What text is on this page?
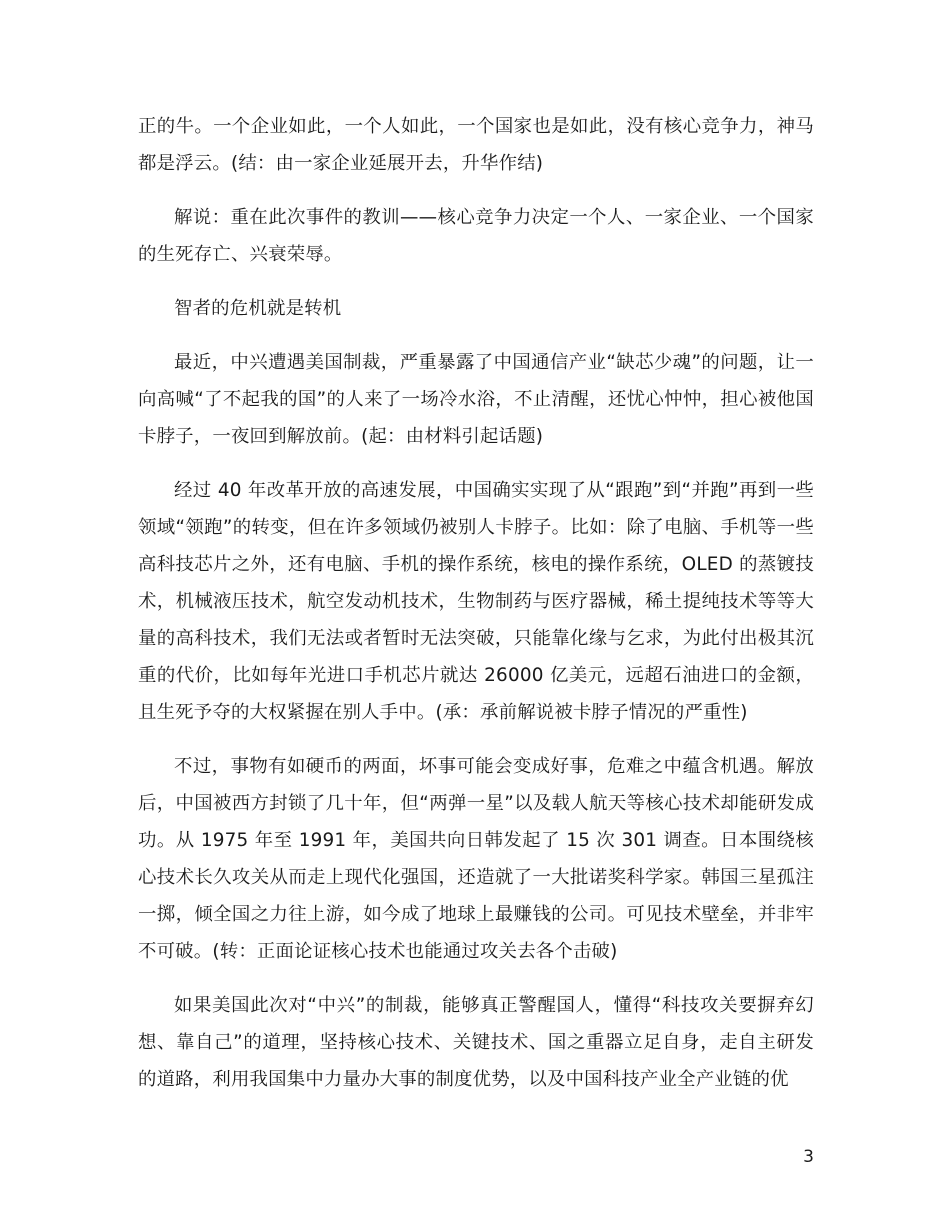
正的牛。一个企业如此，一个人如此，一个国家也是如此，没有核心竞争力，神马都是浮云。(结：由一家企业延展开去，升华作结)

解说：重在此次事件的教训——核心竞争力决定一个人、一家企业、一个国家的生死存亡、兴衰荣辱。

智者的危机就是转机

最近，中兴遭遇美国制裁，严重暴露了中国通信产业“缺芯少魂”的问题，让一向高喊“了不起我的国”的人来了一场冷水浴，不止清醒，还忧心忡忡，担心被他国卡脖子，一夜回到解放前。(起：由材料引起话题)

经过 40 年改革开放的高速发展，中国确实实现了从“跟跑”到“并跑”再到一些领域“领跑”的转变，但在许多领域仍被别人卡脖子。比如：除了电脑、手机等一些高科技芯片之外，还有电脑、手机的操作系统，核电的操作系统，OLED 的蒸镀技术，机械液压技术，航空发动机技术，生物制药与医疗器械，稀土提纯技术等等大量的高科技术，我们无法或者暂时无法突破，只能靠化缘与乞求，为此付出极其沉重的代价，比如每年光进口手机芯片就达 26000 亿美元，远超石油进口的金额，且生死予夺的大权紧握在别人手中。(承：承前解说被卡脖子情况的严重性)

不过，事物有如硬币的两面，坏事可能会变成好事，危难之中蕴含机遇。解放后，中国被西方封锁了几十年，但“两弹一星”以及载人航天等核心技术却能研发成功。从 1975 年至 1991 年，美国共向日韩发起了 15 次 301 调查。日本围绕核心技术长久攻关从而走上现代化强国，还造就了一大批诺奖科学家。韩国三星孤注一掷，倾全国之力往上游，如今成了地球上最赚钱的公司。可见技术壁垒，并非牢不可破。(转：正面论证核心技术也能通过攻关去各个击破)

如果美国此次对“中兴”的制裁，能够真正警醒国人，懂得“科技攻关要摒弃幻想、靠自己”的道理，坚持核心技术、关键技术、国之重器立足自身，走自主研发的道路，利用我国集中力量办大事的制度优势，以及中国科技产业全产业链的优

3
